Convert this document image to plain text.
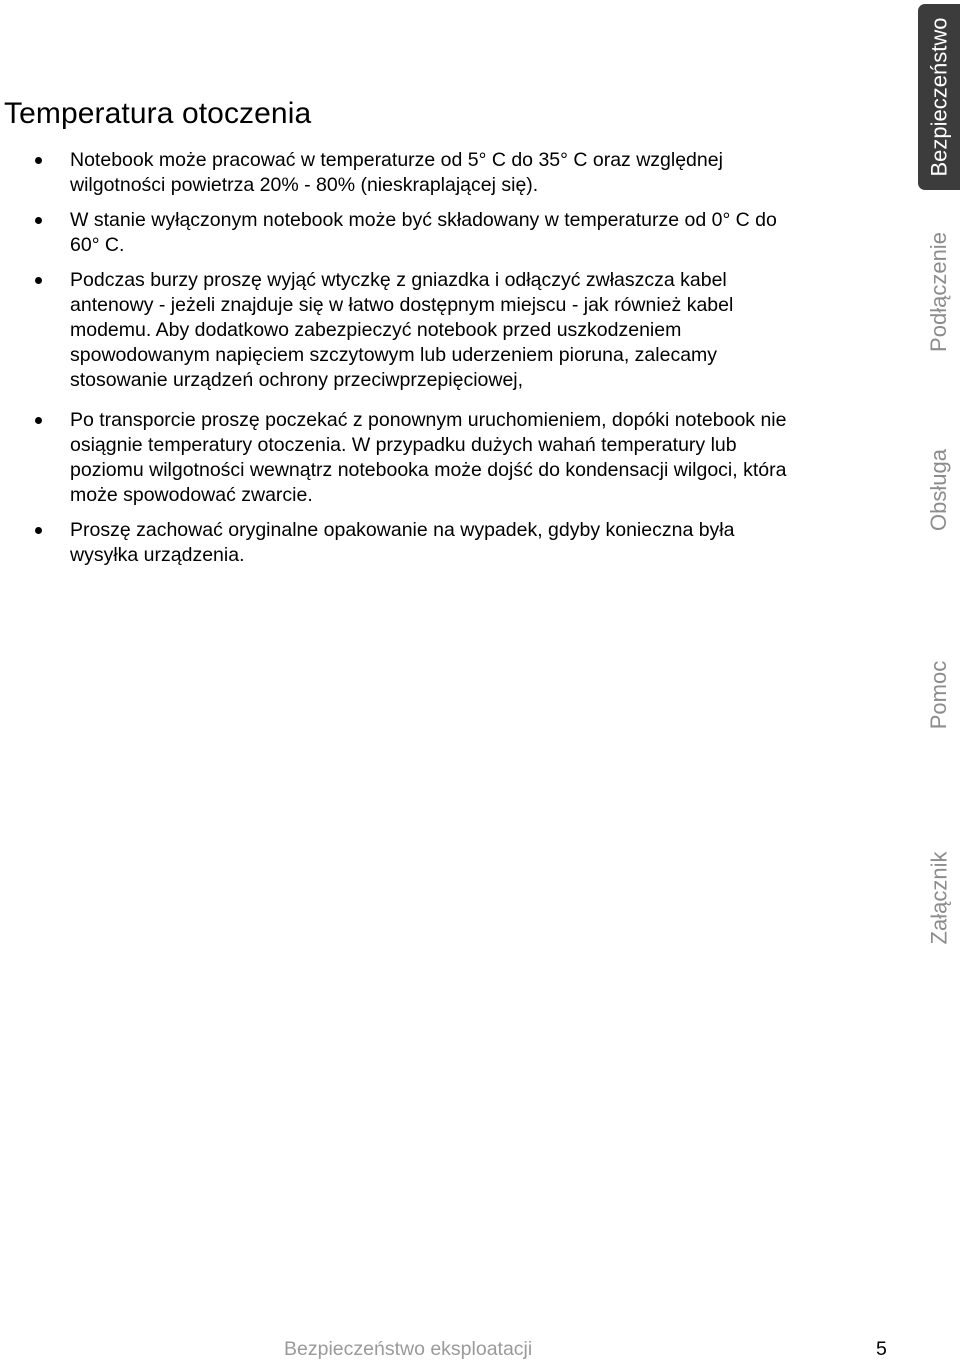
Temperatura otoczenia
Notebook może pracować w temperaturze od 5° C do 35° C oraz względnej
wilgotności powietrza 20% - 80% (nieskraplającej się).
W stanie wyłączonym notebook może być składowany w temperaturze od 0° C do
60° C.
Podczas burzy proszę wyjąć wtyczkę z gniazdka i odłączyć zwłaszcza kabel
antenowy - jeżeli znajduje się w łatwo dostępnym miejscu - jak również kabel
modemu. Aby dodatkowo zabezpieczyć notebook przed uszkodzeniem
spowodowanym napięciem szczytowym lub uderzeniem pioruna, zalecamy
stosowanie urządzeń ochrony przeciwprzepięciowej,
Po transporcie proszę poczekać z ponownym uruchomieniem, dopóki notebook nie
osiągnie temperatury otoczenia. W przypadku dużych wahań temperatury lub
poziomu wilgotności wewnątrz notebooka może dojść do kondensacji wilgoci, która
może spowodować zwarcie.
Proszę zachować oryginalne opakowanie na wypadek, gdyby konieczna była
wysyłka urządzenia.
Bezpieczeństwo
Podłączenie
Obsługa
Pomoc
Załącznik
Bezpieczeństwo eksploatacji	5
